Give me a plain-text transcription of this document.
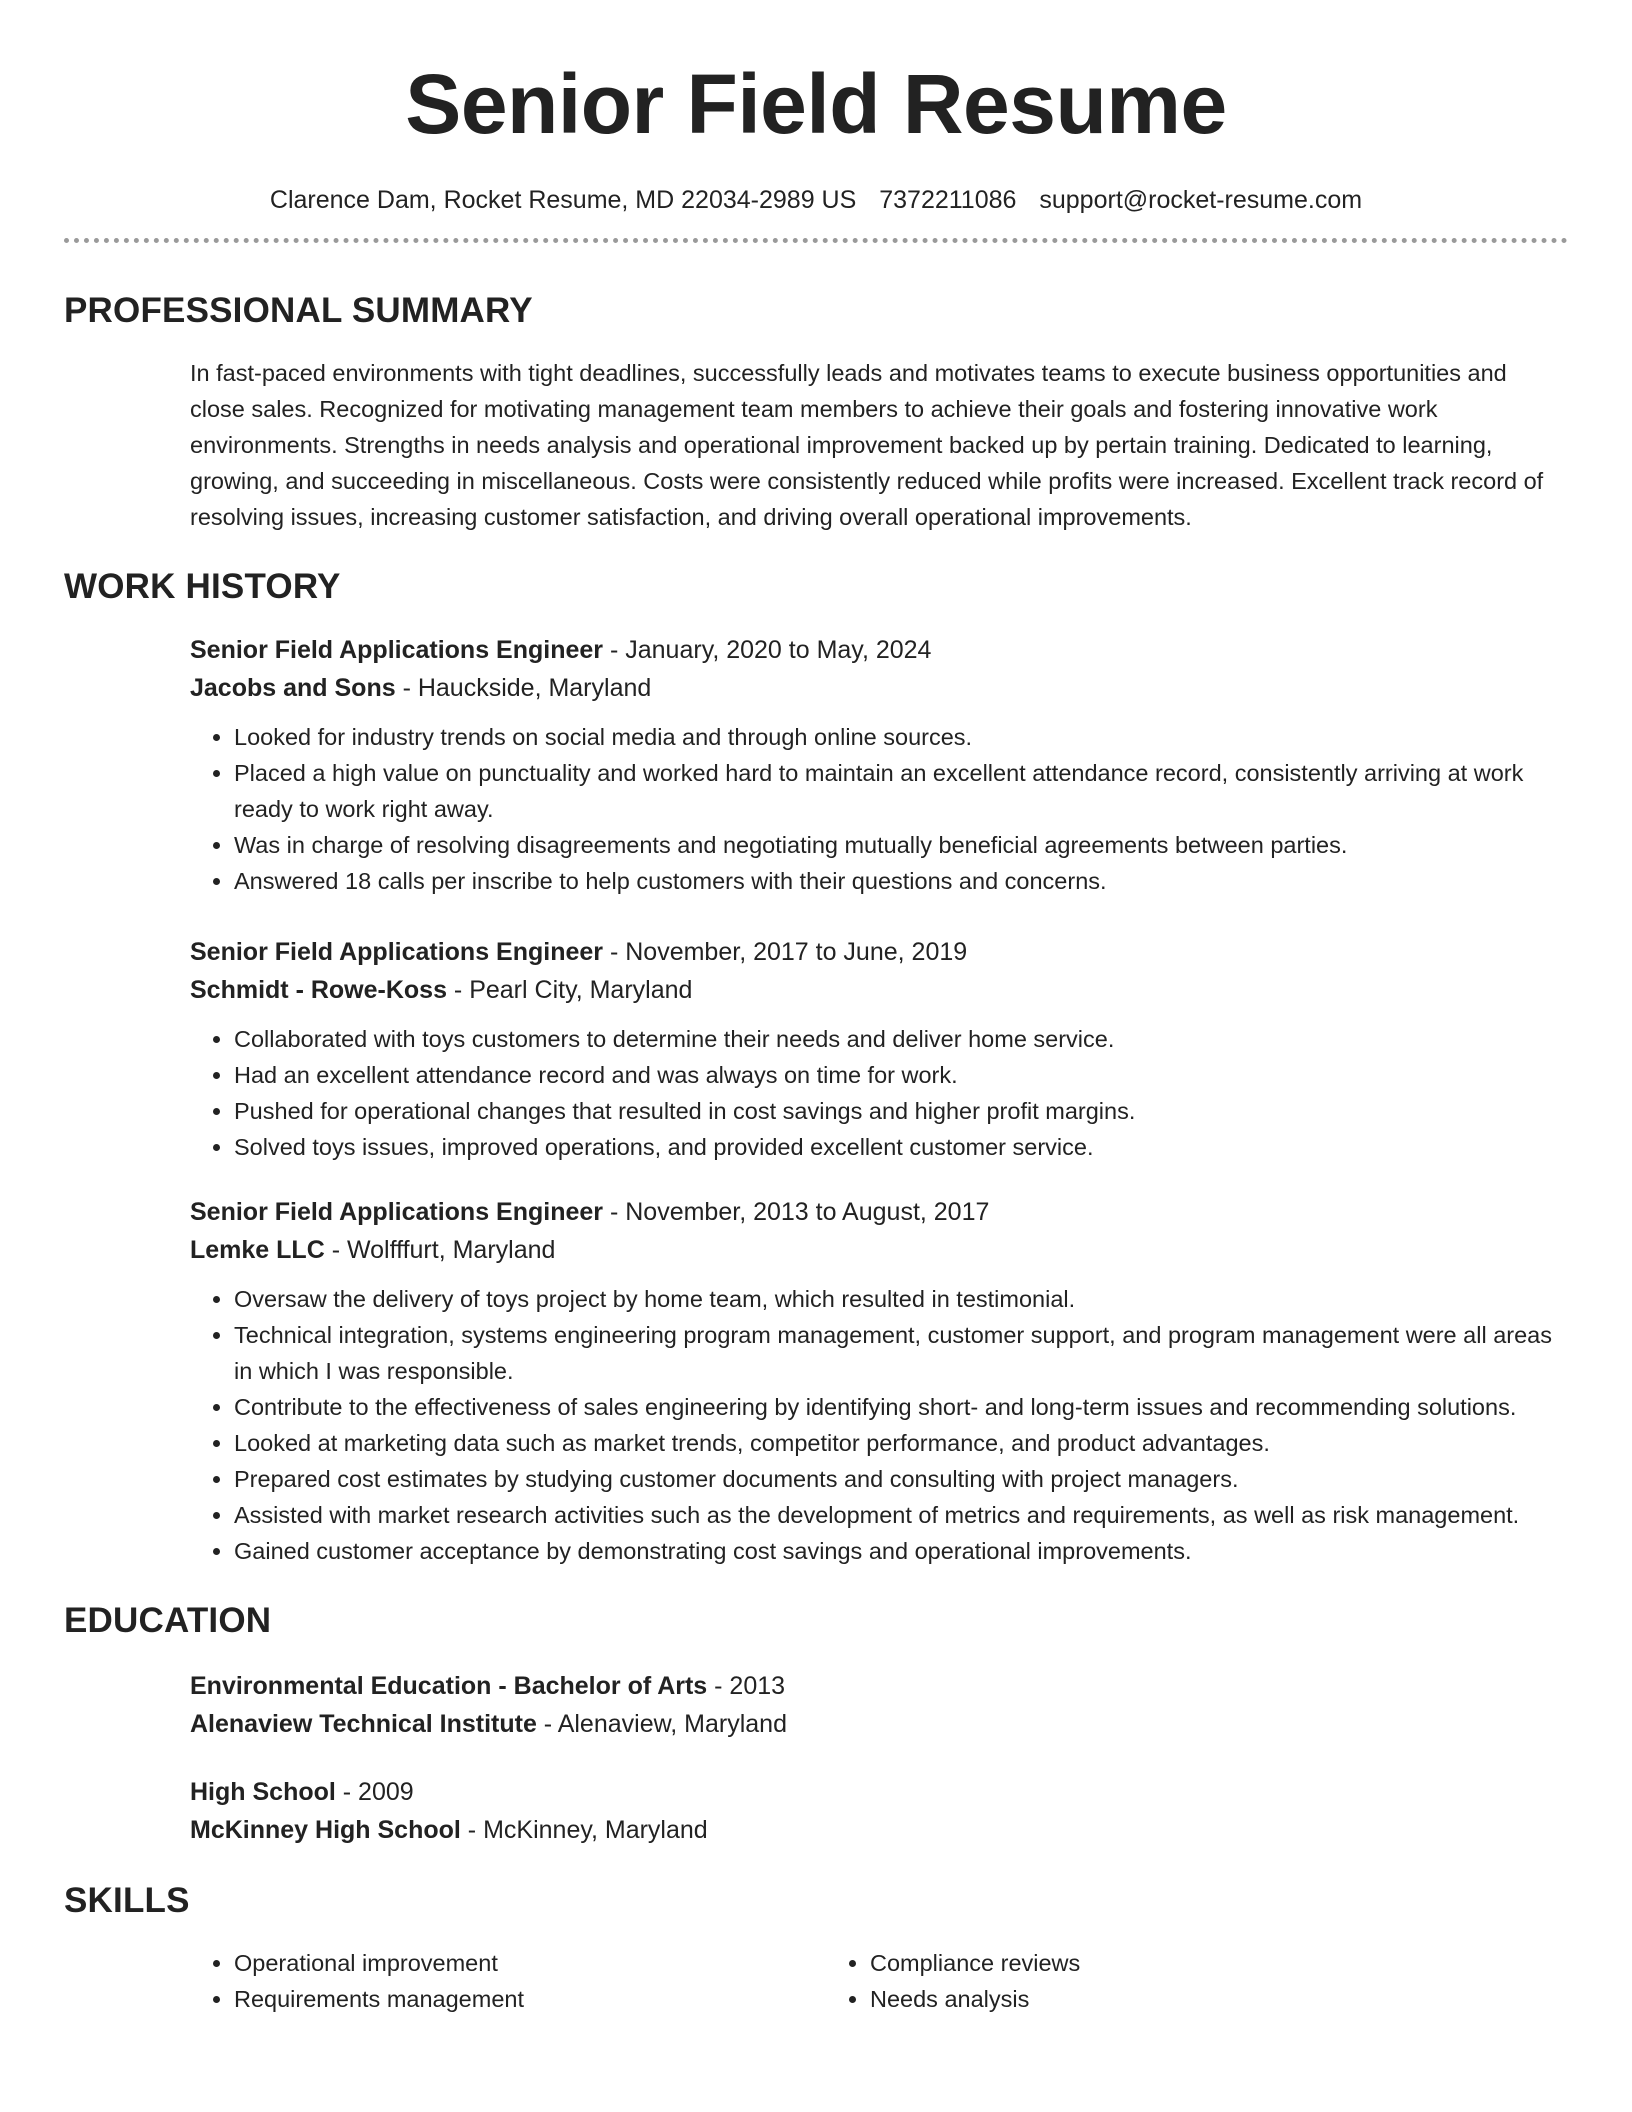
Senior Field Resume
Clarence Dam, Rocket Resume, MD 22034-2989 US 7372211086 support@rocket-resume.com
PROFESSIONAL SUMMARY

In fast-paced environments with tight deadlines, successfully leads and motivates teams to execute business opportunities and close sales. Recognized for motivating management team members to achieve their goals and fostering innovative work environments. Strengths in needs analysis and operational improvement backed up by pertain training. Dedicated to learning, growing, and succeeding in miscellaneous. Costs were consistently reduced while profits were increased. Excellent track record of resolving issues, increasing customer satisfaction, and driving overall operational improvements.

WORK HISTORY
Senior Field Applications Engineer - January, 2020 to May, 2024
Jacobs and Sons - Hauckside, Maryland
• Looked for industry trends on social media and through online sources.
• Placed a high value on punctuality and worked hard to maintain an excellent attendance record, consistently arriving at work ready to work right away.
• Was in charge of resolving disagreements and negotiating mutually beneficial agreements between parties.
• Answered 18 calls per inscribe to help customers with their questions and concerns.
Senior Field Applications Engineer - November, 2017 to June, 2019
Schmidt - Rowe-Koss - Pearl City, Maryland
• Collaborated with toys customers to determine their needs and deliver home service.
• Had an excellent attendance record and was always on time for work.
• Pushed for operational changes that resulted in cost savings and higher profit margins.
• Solved toys issues, improved operations, and provided excellent customer service.
Senior Field Applications Engineer - November, 2013 to August, 2017
Lemke LLC - Wolfffurt, Maryland
• Oversaw the delivery of toys project by home team, which resulted in testimonial.
• Technical integration, systems engineering program management, customer support, and program management were all areas in which I was responsible.
• Contribute to the effectiveness of sales engineering by identifying short- and long-term issues and recommending solutions.
• Looked at marketing data such as market trends, competitor performance, and product advantages.
• Prepared cost estimates by studying customer documents and consulting with project managers.
• Assisted with market research activities such as the development of metrics and requirements, as well as risk management.
• Gained customer acceptance by demonstrating cost savings and operational improvements.
EDUCATION
Environmental Education - Bachelor of Arts - 2013
Alenaview Technical Institute - Alenaview, Maryland
High School - 2009
McKinney High School - McKinney, Maryland
SKILLS
• Operational improvement
• Requirements management
• Compliance reviews
• Needs analysis
